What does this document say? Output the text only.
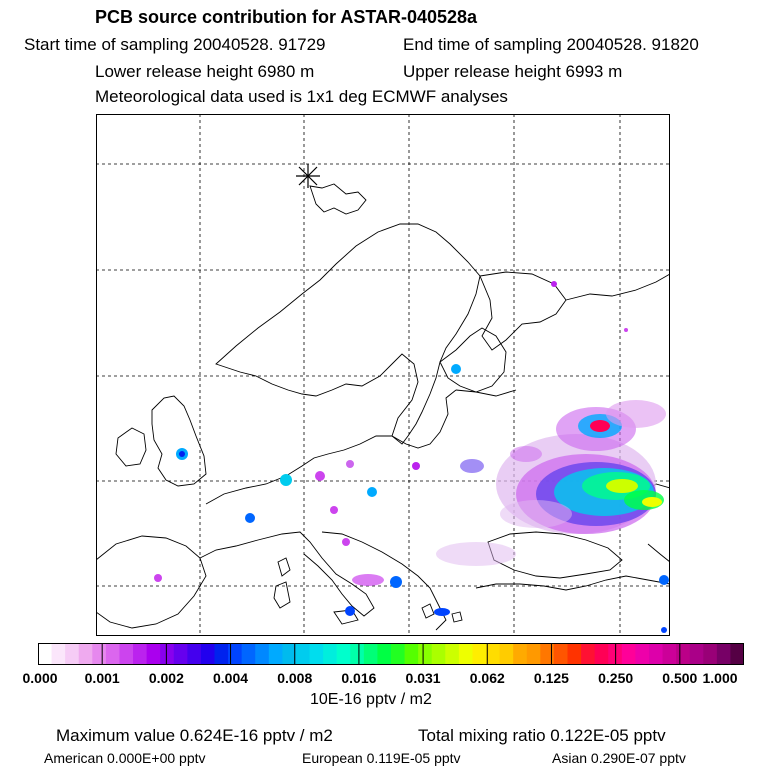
PCB source contribution for ASTAR-040528a
Start time of sampling 20040528. 91729	End time of sampling 20040528. 91820
Lower release height 6980 m	Upper release height 6993 m
Meteorological data used is 1x1 deg ECMWF analyses
0.000 0.001 0.002 0.004 0.008 0.016 0.031 0.062 0.125 0.250 0.500 1.000
10E-16 pptv / m2
Maximum value 0.624E-16 pptv / m2	Total mixing ratio 0.122E-05 pptv
American 0.000E+00 pptv	European 0.119E-05 pptv	Asian 0.290E-07 pptv
